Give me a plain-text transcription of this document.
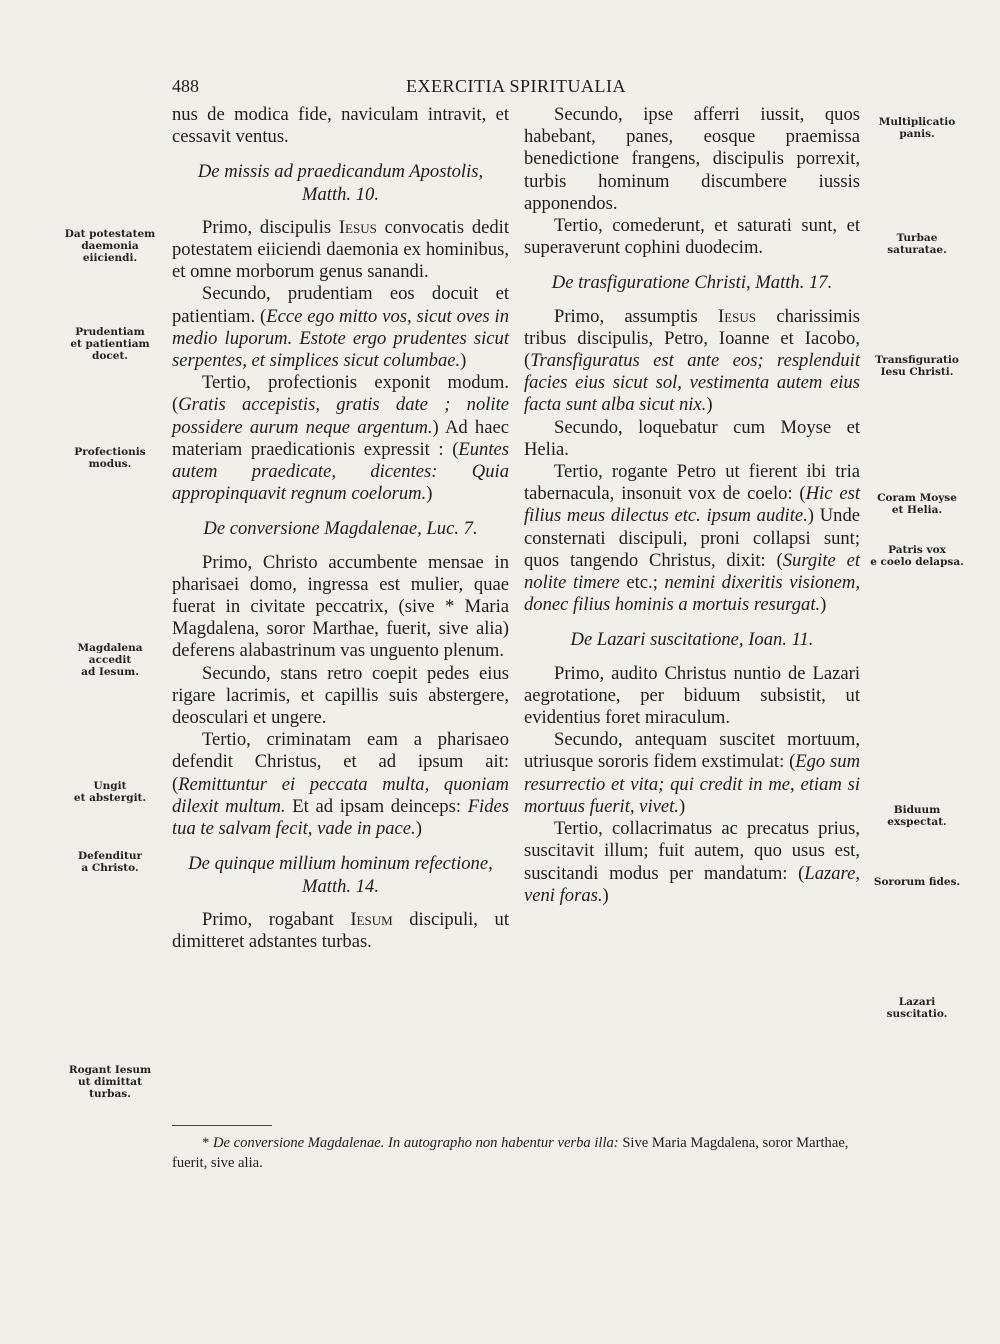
488	EXERCITIA SPIRITUALIA

nus de modica fide, naviculam intravit, et cessavit ventus.

De missis ad praedicandum Apostolis, Matth. 10.

Primo, discipulis Iesus convocatis dedit potestatem eiiciendi daemonia ex hominibus, et omne morborum genus sanandi.

Secundo, prudentiam eos docuit et patientiam. (Ecce ego mitto vos, sicut oves in medio luporum. Estote ergo prudentes sicut serpentes, et simplices sicut columbae.)

Tertio, profectionis exponit modum. (Gratis accepistis, gratis date ; nolite possidere aurum neque argentum.) Ad haec materiam praedicationis expressit : (Euntes autem praedicate, dicentes: Quia appropinquavit regnum coelorum.)

De conversione Magdalenae, Luc. 7.

Primo, Christo accumbente mensae in pharisaei domo, ingressa est mulier, quae fuerat in civitate peccatrix, (sive * Maria Magdalena, soror Marthae, fuerit, sive alia) deferens alabastrinum vas unguento plenum.

Secundo, stans retro coepit pedes eius rigare lacrimis, et capillis suis abstergere, deosculari et ungere.

Tertio, criminatam eam a pharisaeo defendit Christus, et ad ipsum ait: (Remittuntur ei peccata multa, quoniam dilexit multum. Et ad ipsam deinceps: Fides tua te salvam fecit, vade in pace.)

De quinque millium hominum refectione, Matth. 14.

Primo, rogabant Iesum discipuli, ut dimitteret adstantes turbas.

Secundo, ipse afferri iussit, quos habebant, panes, eosque praemissa benedictione frangens, discipulis porrexit, turbis hominum discumbere iussis apponendos.

Tertio, comederunt, et saturati sunt, et superaverunt cophini duodecim.

De trasfiguratione Christi, Matth. 17.

Primo, assumptis Iesus charissimis tribus discipulis, Petro, Ioanne et Iacobo, (Transfiguratus est ante eos; resplenduit facies eius sicut sol, vestimenta autem eius facta sunt alba sicut nix.)

Secundo, loquebatur cum Moyse et Helia.

Tertio, rogante Petro ut fierent ibi tria tabernacula, insonuit vox de coelo: (Hic est filius meus dilectus etc. ipsum audite.) Unde consternati discipuli, proni collapsi sunt; quos tangendo Christus, dixit: (Surgite et nolite timere etc.; nemini dixeritis visionem, donec filius hominis a mortuis resurgat.)

De Lazari suscitatione, Ioan. 11.

Primo, audito Christus nuntio de Lazari aegrotatione, per biduum subsistit, ut evidentius foret miraculum.

Secundo, antequam suscitet mortuum, utriusque sororis fidem exstimulat: (Ego sum resurrectio et vita; qui credit in me, etiam si mortuus fuerit, vivet.)

Tertio, collacrimatus ac precatus prius, suscitavit illum; fuit autem, quo usus est, suscitandi modus per mandatum: (Lazare, veni foras.)

Dat potestatem
daemonia
eiiciendi.
Prudentiam
et patientiam
docet.
Profectionis
modus.
Magdalena
accedit
ad Iesum.
Ungit
et abstergit.
Defenditur
a Christo.
Rogant Iesum
ut dimittat
turbas.
Multiplicatio
panis.
Turbae
saturatae.
Transfiguratio
Iesu Christi.
Coram Moyse
et Helia.
Patris vox
e coelo delapsa.
Biduum
exspectat.
Sororum fides.
Lazari
suscitatio.

* De conversione Magdalenae. In autographo non habentur verba illa: Sive Maria Magdalena, soror Marthae, fuerit, sive alia.
